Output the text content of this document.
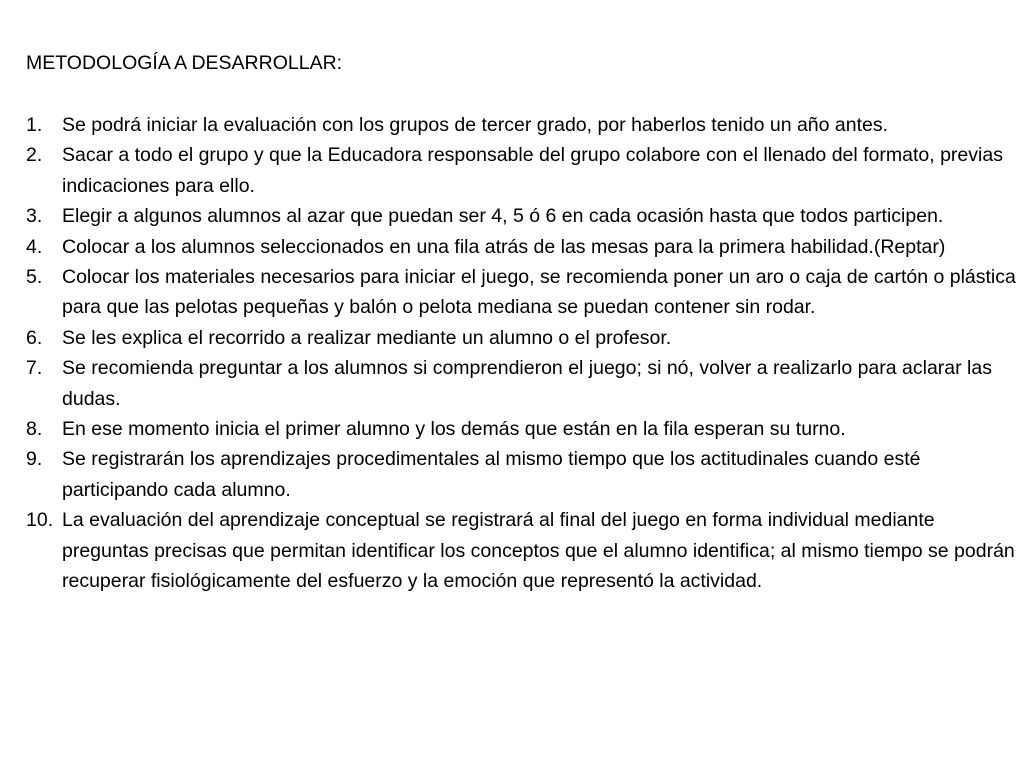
METODOLOGÍA A DESARROLLAR:
1. Se podrá iniciar la evaluación con los grupos de tercer grado, por haberlos tenido un año antes.
2. Sacar a todo el grupo y que la Educadora responsable del grupo colabore con el llenado del formato, previas indicaciones para ello.
3. Elegir a algunos alumnos al azar que puedan ser 4, 5 ó 6 en cada ocasión hasta que todos participen.
4. Colocar a los alumnos seleccionados en una fila atrás de las mesas para la primera habilidad.(Reptar)
5. Colocar los materiales necesarios para iniciar el juego, se recomienda poner un aro o caja de cartón o plástica para que las pelotas pequeñas y balón o pelota mediana se puedan contener sin rodar.
6. Se les explica el recorrido a realizar mediante un alumno o el profesor.
7. Se recomienda preguntar a los alumnos si comprendieron el juego; si nó, volver a realizarlo para aclarar las dudas.
8. En ese momento inicia el primer alumno y los demás que están en la fila esperan su turno.
9. Se registrarán los aprendizajes procedimentales al mismo tiempo que los actitudinales cuando esté participando cada alumno.
10. La evaluación del aprendizaje conceptual se registrará al final del juego en forma individual mediante preguntas precisas que permitan identificar los conceptos que el alumno identifica; al mismo tiempo se podrán recuperar fisiológicamente del esfuerzo y la emoción que representó la actividad.
